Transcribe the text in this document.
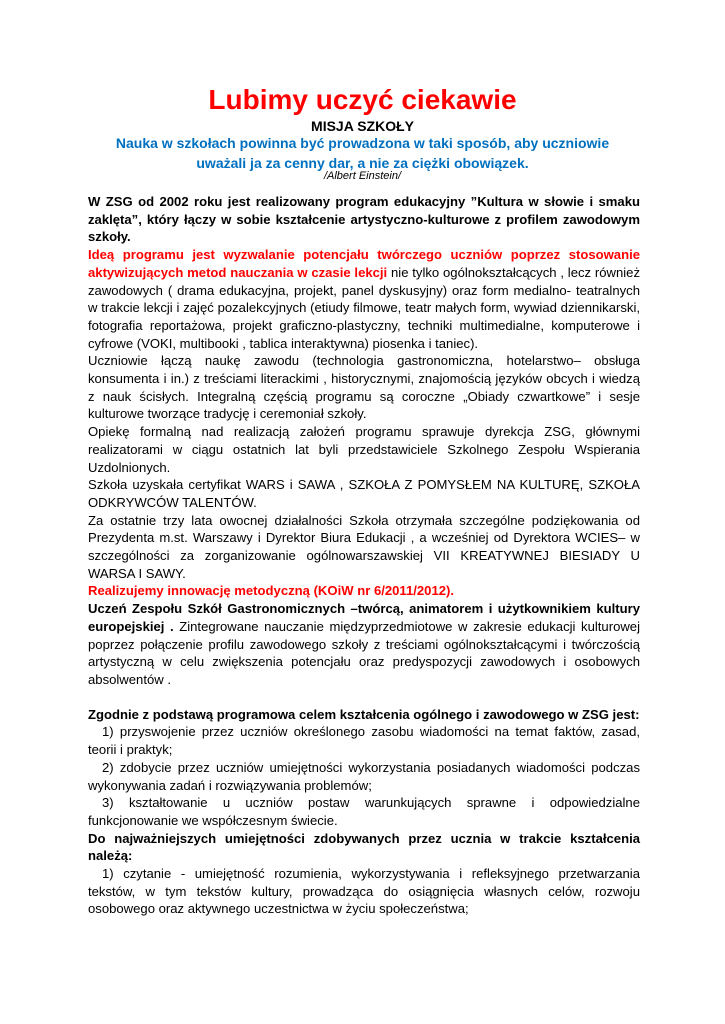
Lubimy uczyć ciekawie
MISJA SZKOŁY
Nauka w szkołach powinna być prowadzona w taki sposób, aby uczniowie
uważali ja za cenny dar, a nie za ciężki obowiązek.
/Albert Einstein/

W ZSG od 2002 roku jest realizowany program edukacyjny ”Kultura w słowie i smaku zaklęta”, który łączy w sobie kształcenie artystyczno-kulturowe z profilem zawodowym szkoły.

Ideą programu jest wyzwalanie potencjału twórczego uczniów poprzez stosowanie aktywizujących metod nauczania w czasie lekcji nie tylko ogólnokształcących , lecz również zawodowych ( drama edukacyjna, projekt, panel dyskusyjny) oraz form medialno- teatralnych w trakcie lekcji i zajęć pozalekcyjnych (etiudy filmowe, teatr małych form, wywiad dziennikarski, fotografia reportażowa, projekt graficzno-plastyczny, techniki multimedialne, komputerowe i cyfrowe (VOKI, multibooki , tablica interaktywna) piosenka i taniec).

Uczniowie łączą naukę zawodu (technologia gastronomiczna, hotelarstwo– obsługa konsumenta i in.) z treściami literackimi , historycznymi, znajomością języków obcych i wiedzą z nauk ścisłych. Integralną częścią programu są coroczne „Obiady czwartkowe” i sesje kulturowe tworzące tradycję i ceremoniał szkoły.

Opiekę formalną nad realizacją założeń programu sprawuje dyrekcja ZSG, głównymi realizatorami w ciągu ostatnich lat byli przedstawiciele Szkolnego Zespołu Wspierania Uzdolnionych.

Szkoła uzyskała certyfikat WARS i SAWA , SZKOŁA Z POMYSŁEM NA KULTURĘ, SZKOŁA ODKRYWCÓW TALENTÓW.

Za ostatnie trzy lata owocnej działalności Szkoła otrzymała szczególne podziękowania od Prezydenta m.st. Warszawy i Dyrektor Biura Edukacji , a wcześniej od Dyrektora WCIES– w szczególności za zorganizowanie ogólnowarszawskiej VII KREATYWNEJ BIESIADY U WARSA I SAWY.

Realizujemy innowację metodyczną (KOiW nr 6/2011/2012).

Uczeń Zespołu Szkół Gastronomicznych –twórcą, animatorem i użytkownikiem kultury europejskiej . Zintegrowane nauczanie międzyprzedmiotowe w zakresie edukacji kulturowej poprzez połączenie profilu zawodowego szkoły z treściami ogólnokształcącymi i twórczością artystyczną w celu zwiększenia potencjału oraz predyspozycji zawodowych i osobowych absolwentów .

Zgodnie z podstawą programowa celem kształcenia ogólnego i zawodowego w ZSG jest:

1) przyswojenie przez uczniów określonego zasobu wiadomości na temat faktów, zasad, teorii i praktyk;

2) zdobycie przez uczniów umiejętności wykorzystania posiadanych wiadomości podczas wykonywania zadań i rozwiązywania problemów;

3) kształtowanie u uczniów postaw warunkujących sprawne i odpowiedzialne funkcjonowanie we współczesnym świecie.

Do najważniejszych umiejętności zdobywanych przez ucznia w trakcie kształcenia należą:

1) czytanie - umiejętność rozumienia, wykorzystywania i refleksyjnego przetwarzania tekstów, w tym tekstów kultury, prowadząca do osiągnięcia własnych celów, rozwoju osobowego oraz aktywnego uczestnictwa w życiu społeczeństwa;
